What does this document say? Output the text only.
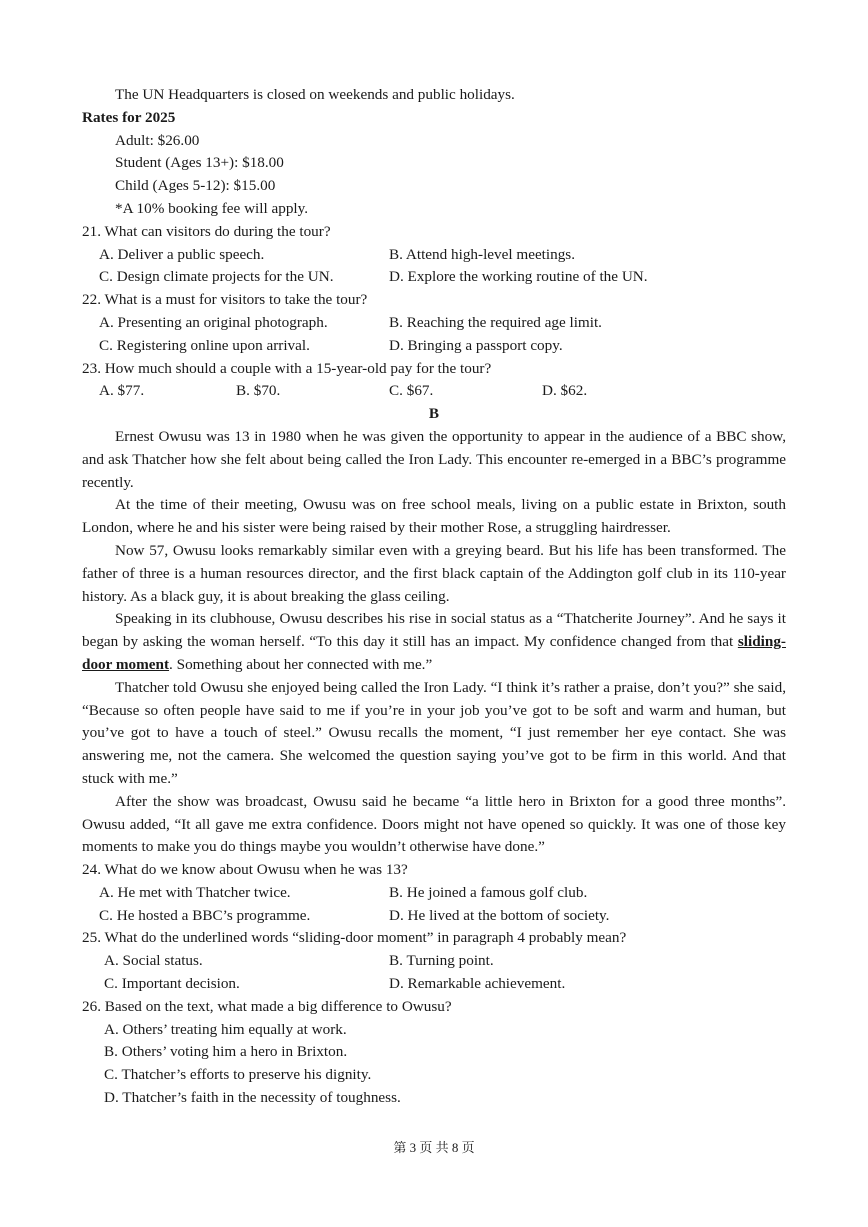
The UN Headquarters is closed on weekends and public holidays.
Rates for 2025
Adult: $26.00
Student (Ages 13+): $18.00
Child (Ages 5-12): $15.00
*A 10% booking fee will apply.
21. What can visitors do during the tour?
A. Deliver a public speech.	B. Attend high-level meetings.
C. Design climate projects for the UN.	D. Explore the working routine of the UN.
22. What is a must for visitors to take the tour?
A. Presenting an original photograph.	B. Reaching the required age limit.
C. Registering online upon arrival.	D. Bringing a passport copy.
23. How much should a couple with a 15-year-old pay for the tour?
A. $77.	B. $70.	C. $67.	D. $62.
B
Ernest Owusu was 13 in 1980 when he was given the opportunity to appear in the audience of a BBC show, and ask Thatcher how she felt about being called the Iron Lady. This encounter re-emerged in a BBC’s programme recently.
At the time of their meeting, Owusu was on free school meals, living on a public estate in Brixton, south London, where he and his sister were being raised by their mother Rose, a struggling hairdresser.
Now 57, Owusu looks remarkably similar even with a greying beard. But his life has been transformed. The father of three is a human resources director, and the first black captain of the Addington golf club in its 110-year history. As a black guy, it is about breaking the glass ceiling.
Speaking in its clubhouse, Owusu describes his rise in social status as a “Thatcherite Journey”. And he says it began by asking the woman herself. “To this day it still has an impact. My confidence changed from that sliding-door moment. Something about her connected with me.”
Thatcher told Owusu she enjoyed being called the Iron Lady. “I think it’s rather a praise, don’t you?” she said, “Because so often people have said to me if you’re in your job you’ve got to be soft and warm and human, but you’ve got to have a touch of steel.” Owusu recalls the moment, “I just remember her eye contact. She was answering me, not the camera. She welcomed the question saying you’ve got to be firm in this world. And that stuck with me.”
After the show was broadcast, Owusu said he became “a little hero in Brixton for a good three months”. Owusu added, “It all gave me extra confidence. Doors might not have opened so quickly. It was one of those key moments to make you do things maybe you wouldn’t otherwise have done.”
24. What do we know about Owusu when he was 13?
A. He met with Thatcher twice.	B. He joined a famous golf club.
C. He hosted a BBC’s programme.	D. He lived at the bottom of society.
25. What do the underlined words “sliding-door moment” in paragraph 4 probably mean?
A. Social status.	B. Turning point.
C. Important decision.	D. Remarkable achievement.
26. Based on the text, what made a big difference to Owusu?
A. Others’ treating him equally at work.
B. Others’ voting him a hero in Brixton.
C. Thatcher’s efforts to preserve his dignity.
D. Thatcher’s faith in the necessity of toughness.
第 3 页 共 8 页
